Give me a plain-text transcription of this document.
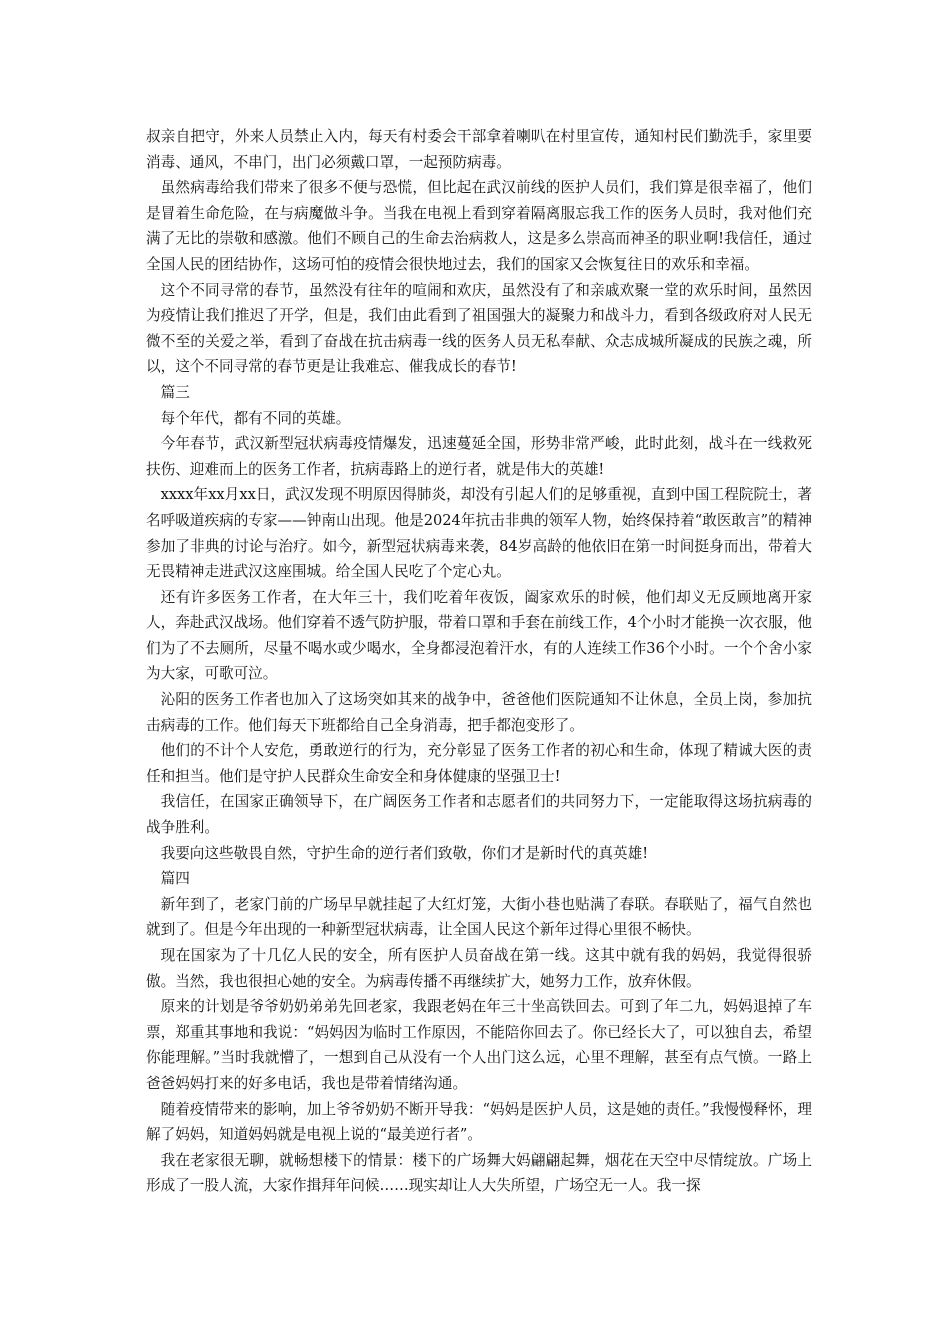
叔亲自把守，外来人员禁止入内，每天有村委会干部拿着喇叭在村里宣传，通知村民们勤洗手，家里要消毒、通风，不串门，出门必须戴口罩，一起预防病毒。

虽然病毒给我们带来了很多不便与恐慌，但比起在武汉前线的医护人员们，我们算是很幸福了，他们是冒着生命危险，在与病魔做斗争。当我在电视上看到穿着隔离服忘我工作的医务人员时，我对他们充满了无比的崇敬和感激。他们不顾自己的生命去治病救人，这是多么崇高而神圣的职业啊!我信任，通过全国人民的团结协作，这场可怕的疫情会很快地过去，我们的国家又会恢复往日的欢乐和幸福。

这个不同寻常的春节，虽然没有往年的喧闹和欢庆，虽然没有了和亲戚欢聚一堂的欢乐时间，虽然因为疫情让我们推迟了开学，但是，我们由此看到了祖国强大的凝聚力和战斗力，看到各级政府对人民无微不至的关爱之举，看到了奋战在抗击病毒一线的医务人员无私奉献、众志成城所凝成的民族之魂，所以，这个不同寻常的春节更是让我难忘、催我成长的春节!

篇三

每个年代，都有不同的英雄。

今年春节，武汉新型冠状病毒疫情爆发，迅速蔓延全国，形势非常严峻，此时此刻，战斗在一线救死扶伤、迎难而上的医务工作者，抗病毒路上的逆行者，就是伟大的英雄!

xxxx年xx月xx日，武汉发现不明原因得肺炎，却没有引起人们的足够重视，直到中国工程院院士，著名呼吸道疾病的专家——钟南山出现。他是2024年抗击非典的领军人物，始终保持着“敢医敢言”的精神参加了非典的讨论与治疗。如今，新型冠状病毒来袭，84岁高龄的他依旧在第一时间挺身而出，带着大无畏精神走进武汉这座围城。给全国人民吃了个定心丸。

还有许多医务工作者，在大年三十，我们吃着年夜饭，阖家欢乐的时候，他们却义无反顾地离开家人，奔赴武汉战场。他们穿着不透气防护服，带着口罩和手套在前线工作，4个小时才能换一次衣服，他们为了不去厕所，尽量不喝水或少喝水，全身都浸泡着汗水，有的人连续工作36个小时。一个个舍小家为大家，可歌可泣。

沁阳的医务工作者也加入了这场突如其来的战争中，爸爸他们医院通知不让休息，全员上岗，参加抗击病毒的工作。他们每天下班都给自己全身消毒，把手都泡变形了。

他们的不计个人安危，勇敢逆行的行为，充分彰显了医务工作者的初心和生命，体现了精诚大医的责任和担当。他们是守护人民群众生命安全和身体健康的坚强卫士!

我信任，在国家正确领导下，在广阔医务工作者和志愿者们的共同努力下，一定能取得这场抗病毒的战争胜利。

我要向这些敬畏自然，守护生命的逆行者们致敬，你们才是新时代的真英雄!

篇四

新年到了，老家门前的广场早早就挂起了大红灯笼，大街小巷也贴满了春联。春联贴了，福气自然也就到了。但是今年出现的一种新型冠状病毒，让全国人民这个新年过得心里很不畅快。

现在国家为了十几亿人民的安全，所有医护人员奋战在第一线。这其中就有我的妈妈，我觉得很骄傲。当然，我也很担心她的安全。为病毒传播不再继续扩大，她努力工作，放弃休假。

原来的计划是爷爷奶奶弟弟先回老家，我跟老妈在年三十坐高铁回去。可到了年二九，妈妈退掉了车票，郑重其事地和我说：“妈妈因为临时工作原因，不能陪你回去了。你已经长大了，可以独自去，希望你能理解。”当时我就懵了，一想到自己从没有一个人出门这么远，心里不理解，甚至有点气愤。一路上爸爸妈妈打来的好多电话，我也是带着情绪沟通。

随着疫情带来的影响，加上爷爷奶奶不断开导我：“妈妈是医护人员，这是她的责任。”我慢慢释怀，理解了妈妈，知道妈妈就是电视上说的“最美逆行者”。

我在老家很无聊，就畅想楼下的情景：楼下的广场舞大妈翩翩起舞，烟花在天空中尽情绽放。广场上形成了一股人流，大家作揖拜年问候……现实却让人大失所望，广场空无一人。我一探
